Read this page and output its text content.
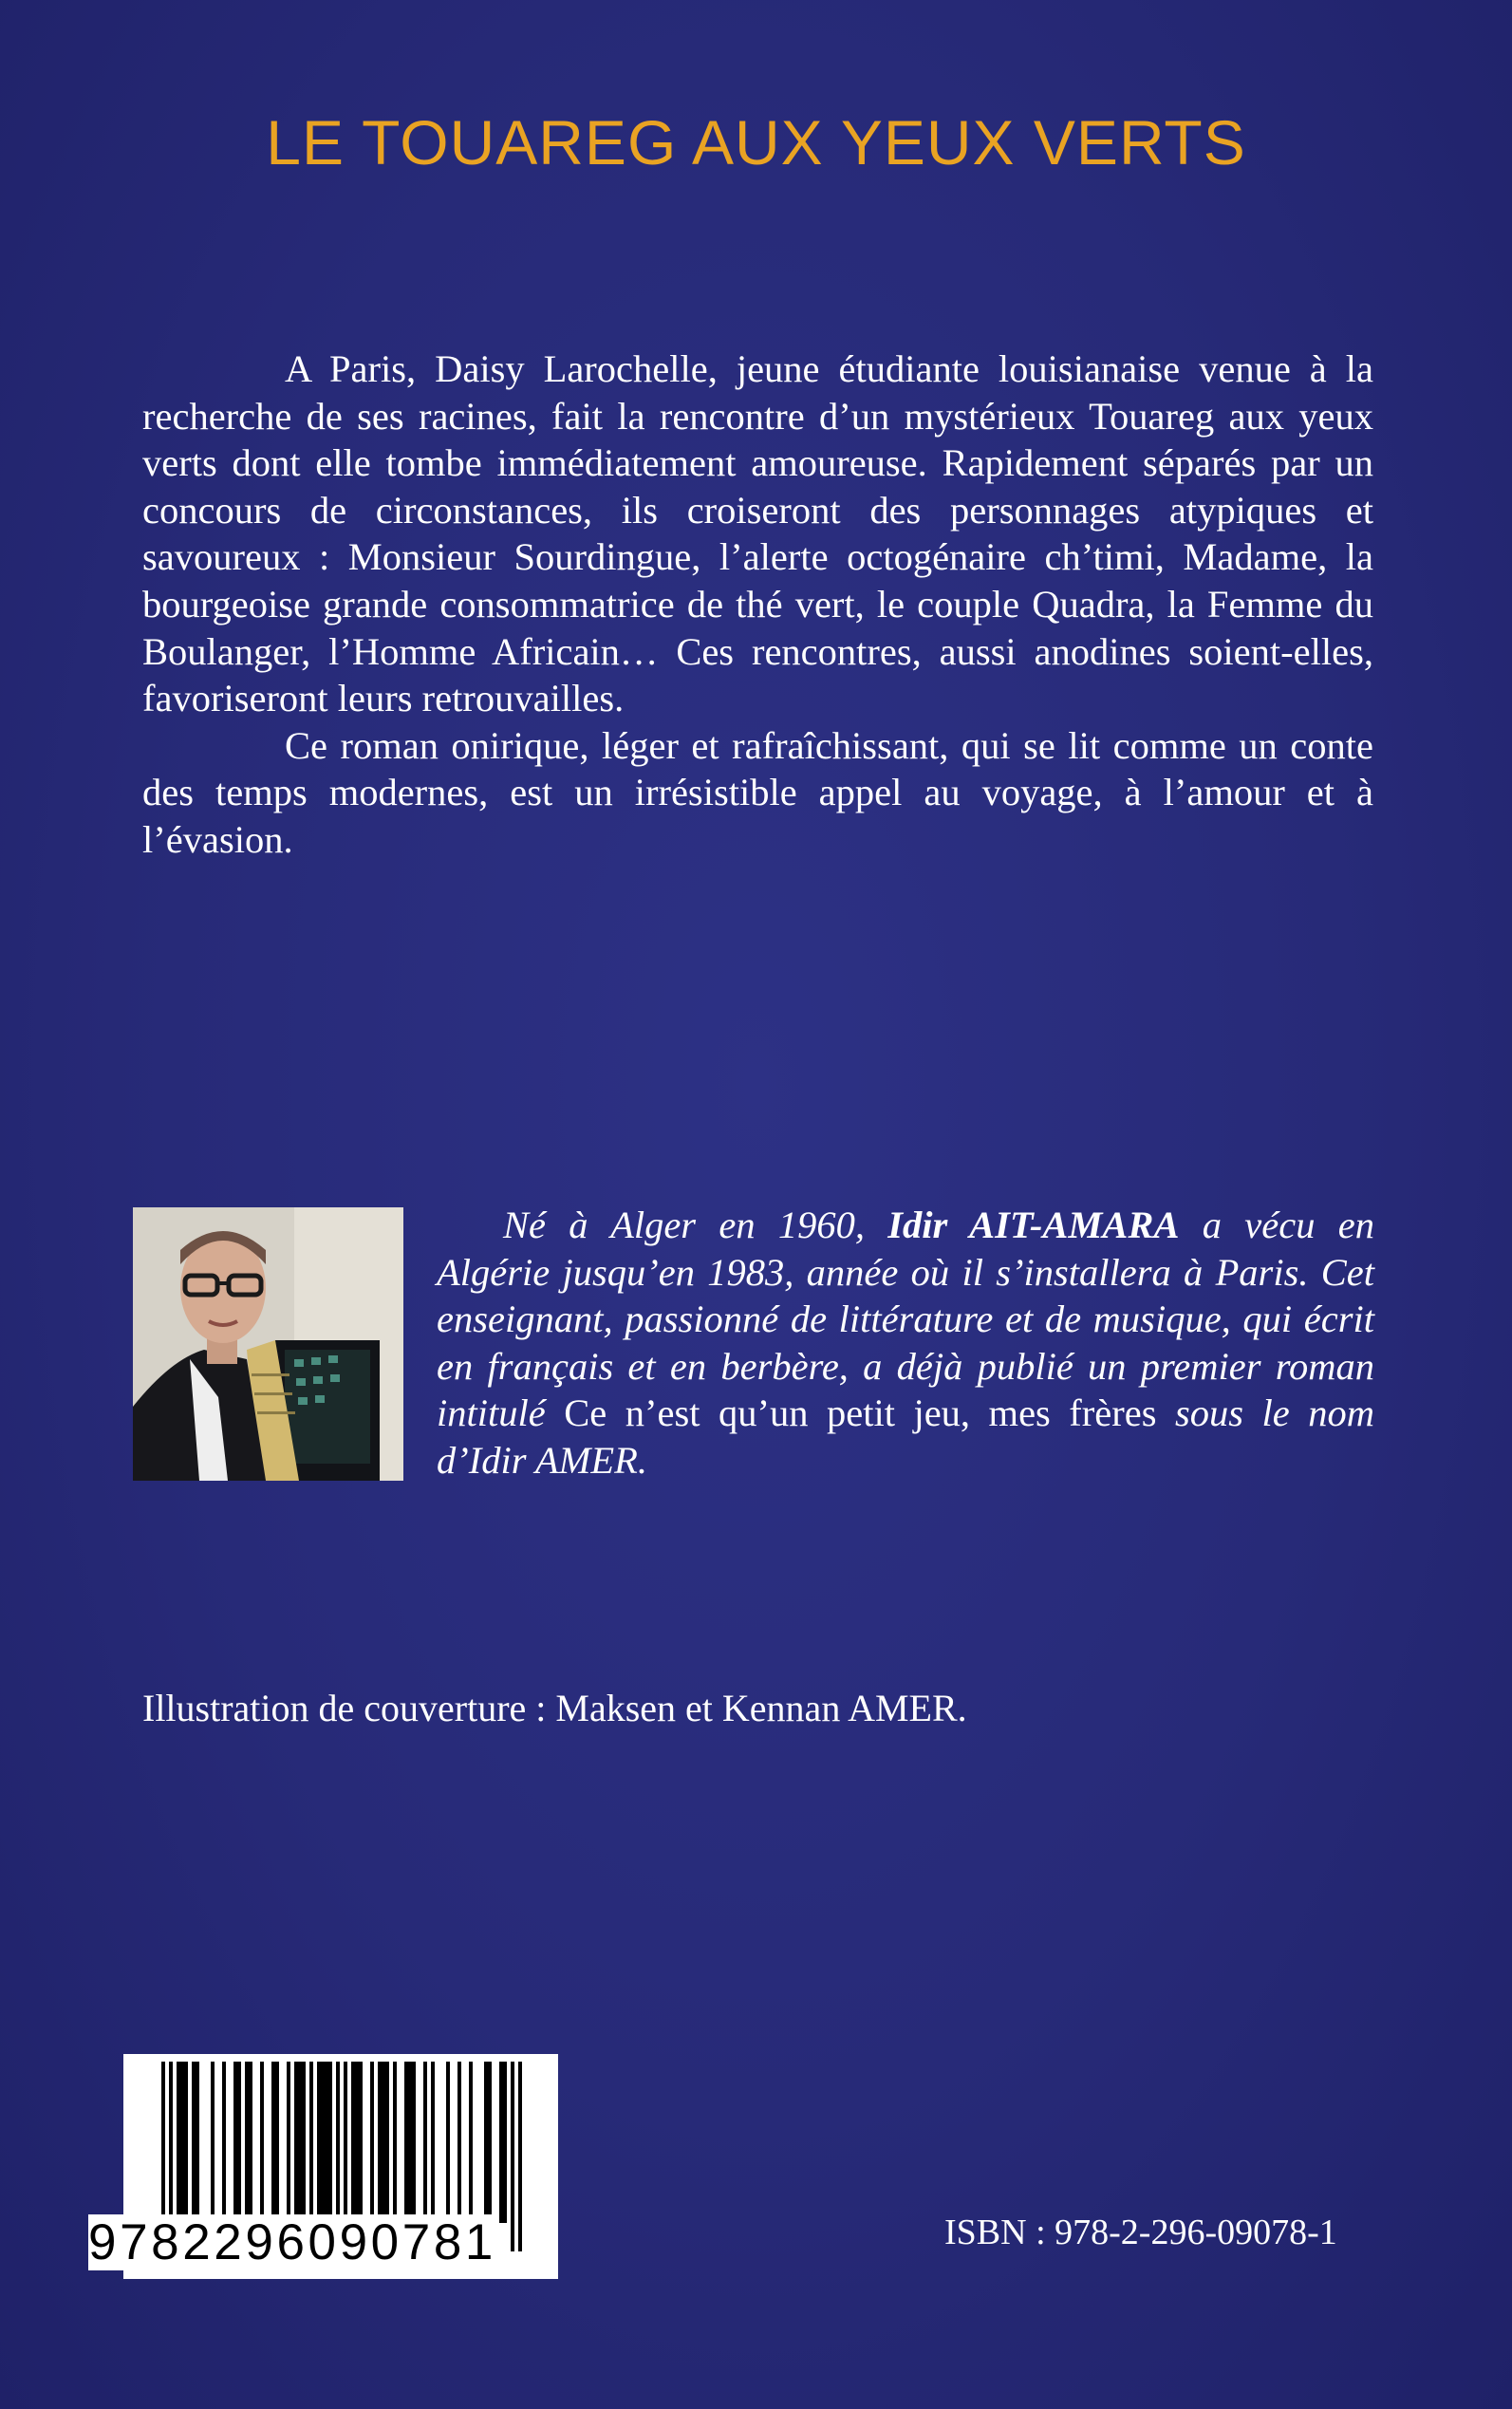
LE TOUAREG AUX YEUX VERTS

A Paris, Daisy Larochelle, jeune étudiante louisianaise venue à la recherche de ses racines, fait la rencontre d’un mystérieux Touareg aux yeux verts dont elle tombe immédiatement amoureuse. Rapidement séparés par un concours de circonstances, ils croiseront des personnages atypiques et savoureux : Monsieur Sourdingue, l’alerte octogénaire ch’timi, Madame, la bourgeoise grande consommatrice de thé vert, le couple Quadra, la Femme du Boulanger, l’Homme Africain… Ces rencontres, aussi anodines soient-elles, favoriseront leurs retrouvailles.

Ce roman onirique, léger et rafraîchissant, qui se lit comme un conte des temps modernes, est un irrésistible appel au voyage, à l’amour et à l’évasion.

Né à Alger en 1960, Idir AIT-AMARA a vécu en Algérie jusqu’en 1983, année où il s’installera à Paris. Cet enseignant, passionné de littérature et de musique, qui écrit en français et en berbère, a déjà publié un premier roman intitulé Ce n’est qu’un petit jeu, mes frères sous le nom d’Idir AMER.

Illustration de couverture : Maksen et Kennan AMER.
9782296090781	ISBN : 978-2-296-09078-1
